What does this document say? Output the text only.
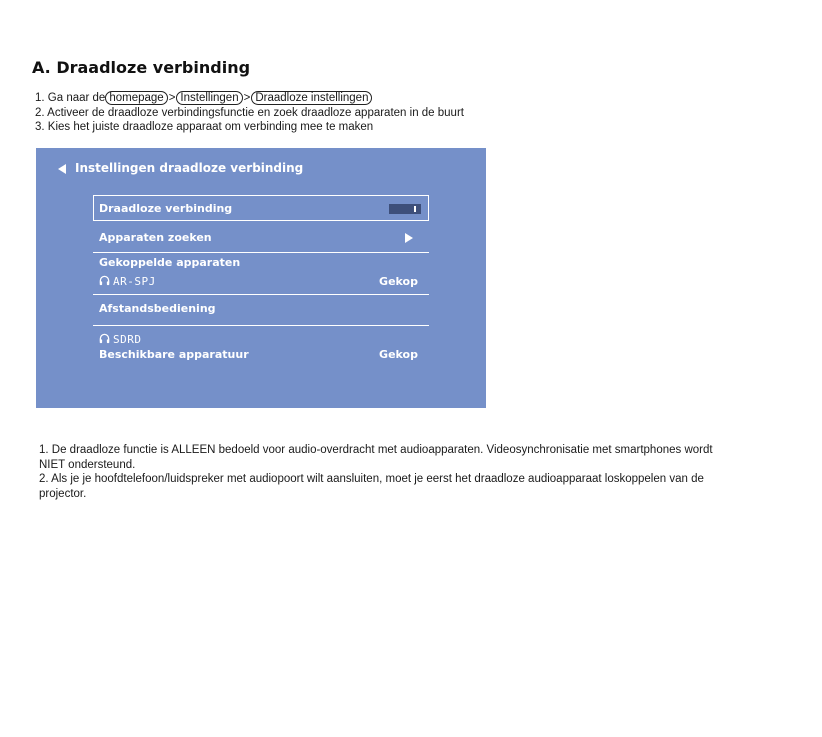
A. Draadloze verbinding
1. Ga naar de homepage > Instellingen > Draadloze instellingen
2. Activeer de draadloze verbindingsfunctie en zoek draadloze apparaten in de buurt
3. Kies het juiste draadloze apparaat om verbinding mee te maken
Instellingen draadloze verbinding
Draadloze verbinding
Apparaten zoeken
Gekoppelde apparaten
AR-SPJ	Gekop
Afstandsbediening
SDRD
Beschikbare apparatuur	Gekop

1. De draadloze functie is ALLEEN bedoeld voor audio-overdracht met audioapparaten. Videosynchronisatie met smartphones wordt NIET ondersteund.

2. Als je je hoofdtelefoon/luidspreker met audiopoort wilt aansluiten, moet je eerst het draadloze audioapparaat loskoppelen van de projector.
